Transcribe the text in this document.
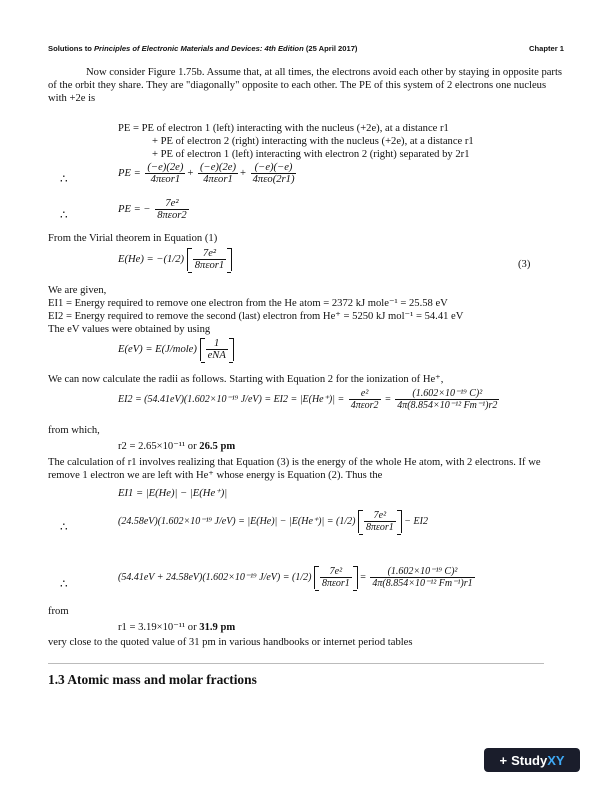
Solutions to Principles of Electronic Materials and Devices: 4th Edition (25 April 2017)	Chapter 1

Now consider Figure 1.75b. Assume that, at all times, the electrons avoid each other by staying in opposite parts of the orbit they share. They are "diagonally" opposite to each other. The PE of this system of 2 electrons one nucleus with +2e is

PE = PE of electron 1 (left) interacting with the nucleus (+2e), at a distance r1
+ PE of electron 2 (right) interacting with the nucleus (+2e), at a distance r1
+ PE of electron 1 (left) interacting with electron 2 (right) separated by 2r1
∴	PE = $\frac{(-e)(2e)}{\text{4πεor1}} + \frac{(-e)(2e)}{\text{4πεor1}} + \frac{(-e)(-e)}{\text{4πεo(2r1)}}$
∴	PE = − $\frac{\text{7e²}}{\text{8πεor2}}$
From the Virial theorem in Equation (1)
$E(He) = -(1/2) \frac{\text{7e²}}{\text{8πεor1}}$	(3)
We are given,
EI1 = Energy required to remove one electron from the He atom = 2372 kJ mole⁻¹ = 25.58 eV
EI2 = Energy required to remove the second (last) electron from He⁺ = 5250 kJ mol⁻¹ = 54.41 eV
The eV values were obtained by using
E(eV) = E(J/mole) $\frac{1}{\text{eNA}}$
We can now calculate the radii as follows. Starting with Equation 2 for the ionization of He⁺,
EI2 = (54.41eV)(1.602×10⁻¹⁹ $J/eV) = EI2 = |E(He^+)| = \frac{\text{e²}}{\text{4πεor2}} = \frac{\text{(1.602×10⁻¹⁹ C)²}}{\text{4π(8.854×10⁻¹² Fm⁻¹)r2}}$
from which,
r2 = 2.65×10⁻¹¹ or 26.5 pm

The calculation of r1 involves realizing that Equation (3) is the energy of the whole He atom, with 2 electrons. If we remove 1 electron we are left with He⁺ whose energy is Equation (2). Thus the

EI1 = |E(He)| − |E(He⁺)|
∴	(24.58eV)(1.602×10⁻¹⁹ $J/eV) = |E(He)| - |E(He^+)| = (1/2) \frac{\text{7e²}}{\text{8πεor1}} - EI2$
∴	(54.41eV + 24.58eV)(1.602×10⁻¹⁹ $J/eV) = (1/2) \frac{\text{7e²}}{\text{8πεor1}} = \frac{\text{(1.602×10⁻¹⁹ C)²}}{\text{4π(8.854×10⁻¹² Fm⁻¹)r1}}$
from
r1 = 3.19×10⁻¹¹ or 31.9 pm
very close to the quoted value of 31 pm in various handbooks or internet period tables
1.3 Atomic mass and molar fractions
+ StudyXY
